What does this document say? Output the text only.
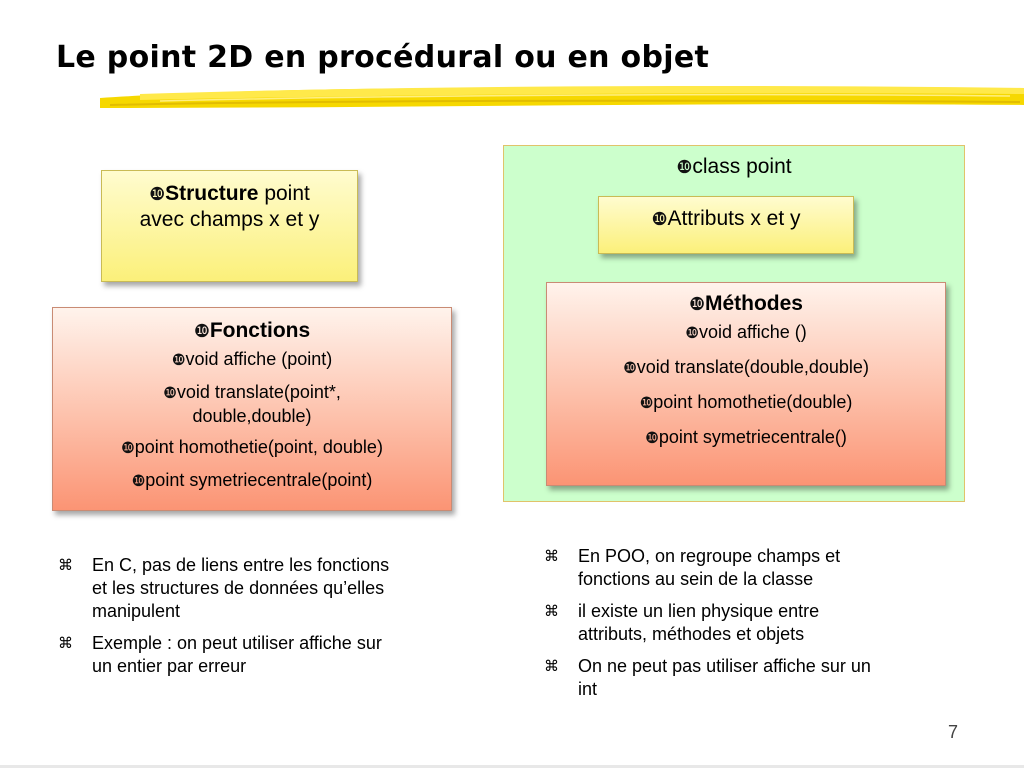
Le point 2D en procédural ou en objet

❿Structure point

avec champs x et y

❿Fonctions

❿void affiche (point)

❿void translate(point*,

double,double)

❿point homothetie(point, double)

❿point symetriecentrale(point)

❿class point

❿Attributs x et y

❿Méthodes

❿void affiche ()

❿void translate(double,double)

❿point homothetie(double)

❿point symetriecentrale()

⌘ En C, pas de liens entre les fonctions
et les structures de données qu’elles
manipulent
⌘ Exemple : on peut utiliser affiche sur
un entier par erreur
⌘ En POO, on regroupe champs et
fonctions au sein de la classe
⌘ il existe un lien physique entre
attributs, méthodes et objets
⌘ On ne peut pas utiliser affiche sur un
int
7
